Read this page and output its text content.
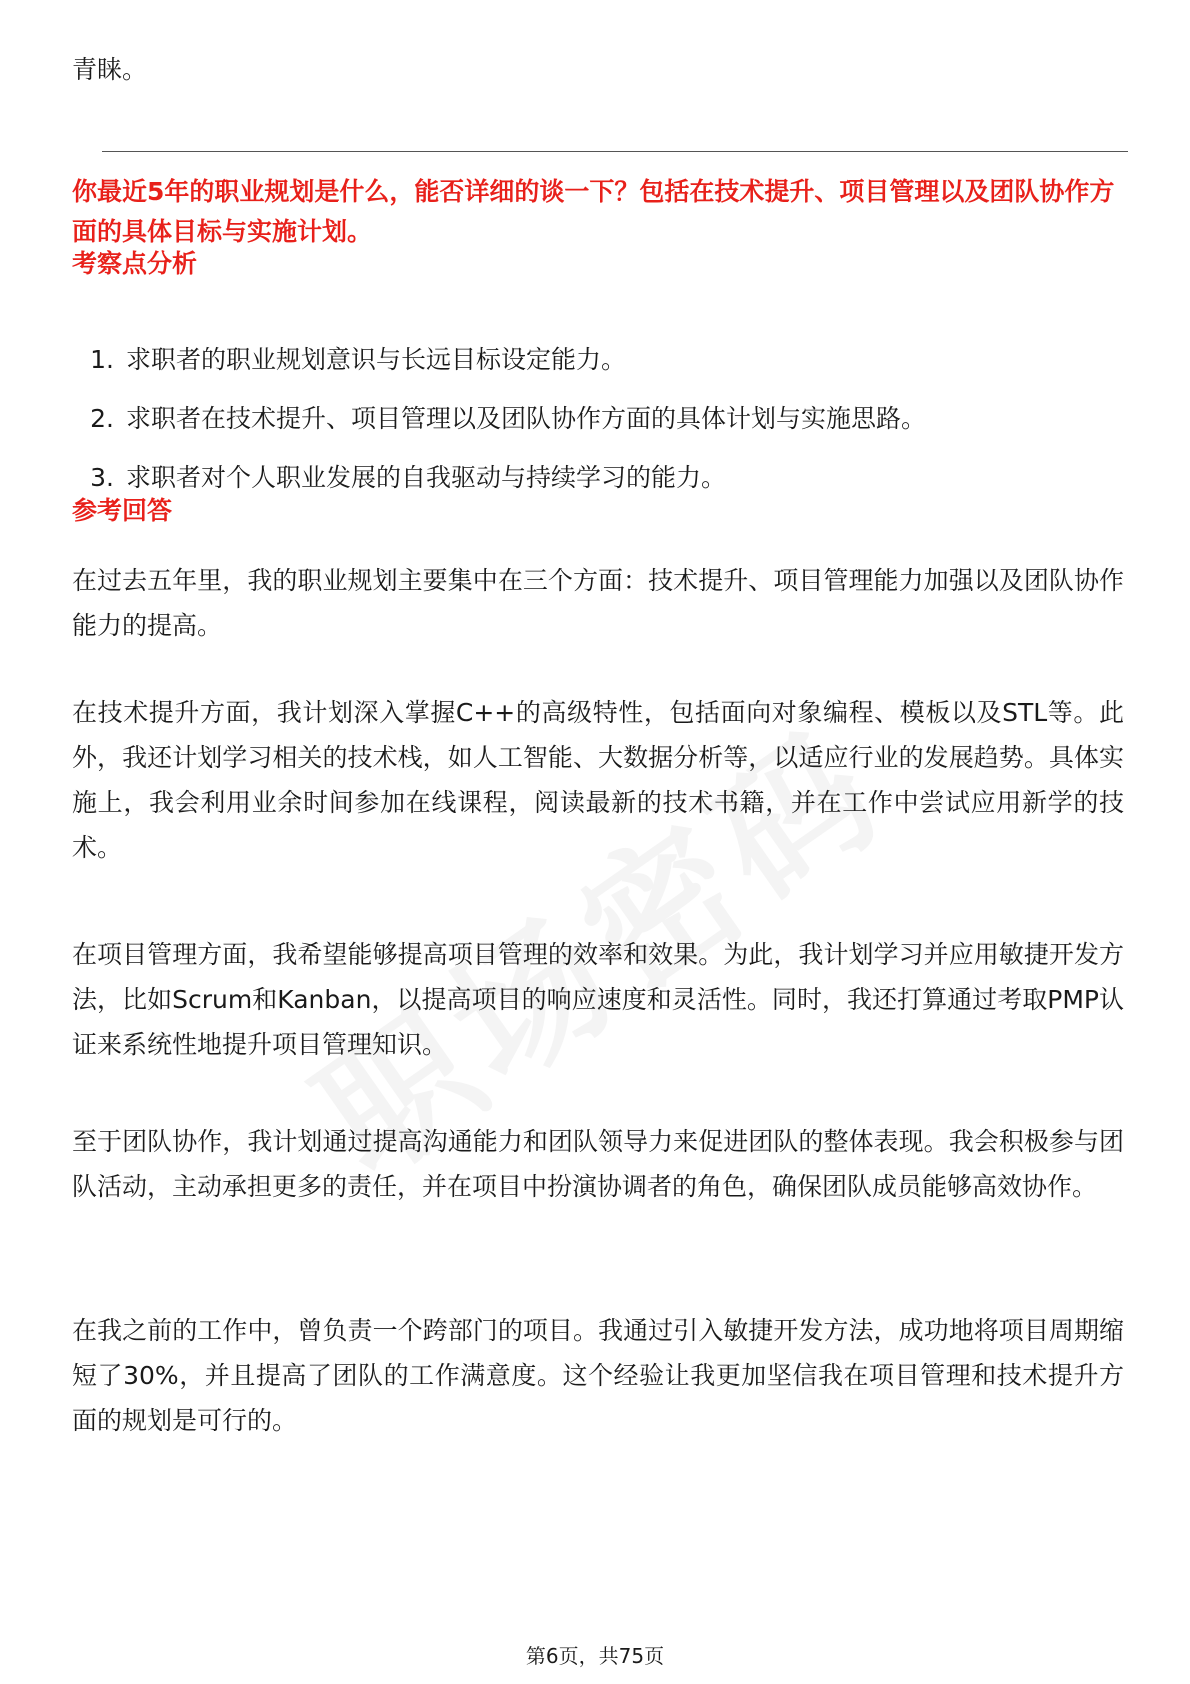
青睐。
你最近5年的职业规划是什么，能否详细的谈一下？包括在技术提升、项目管理以及团队协作方面的具体目标与实施计划。
考察点分析
1. 求职者的职业规划意识与长远目标设定能力。
2. 求职者在技术提升、项目管理以及团队协作方面的具体计划与实施思路。
3. 求职者对个人职业发展的自我驱动与持续学习的能力。
参考回答

在过去五年里，我的职业规划主要集中在三个方面：技术提升、项目管理能力加强以及团队协作能力的提高。

在技术提升方面，我计划深入掌握C++的高级特性，包括面向对象编程、模板以及STL等。此外，我还计划学习相关的技术栈，如人工智能、大数据分析等，以适应行业的发展趋势。具体实施上，我会利用业余时间参加在线课程，阅读最新的技术书籍，并在工作中尝试应用新学的技术。

在项目管理方面，我希望能够提高项目管理的效率和效果。为此，我计划学习并应用敏捷开发方法，比如Scrum和Kanban，以提高项目的响应速度和灵活性。同时，我还打算通过考取PMP认证来系统性地提升项目管理知识。

至于团队协作，我计划通过提高沟通能力和团队领导力来促进团队的整体表现。我会积极参与团队活动，主动承担更多的责任，并在项目中扮演协调者的角色，确保团队成员能够高效协作。

在我之前的工作中，曾负责一个跨部门的项目。我通过引入敏捷开发方法，成功地将项目周期缩短了30%，并且提高了团队的工作满意度。这个经验让我更加坚信我在项目管理和技术提升方面的规划是可行的。

第6页，共75页
